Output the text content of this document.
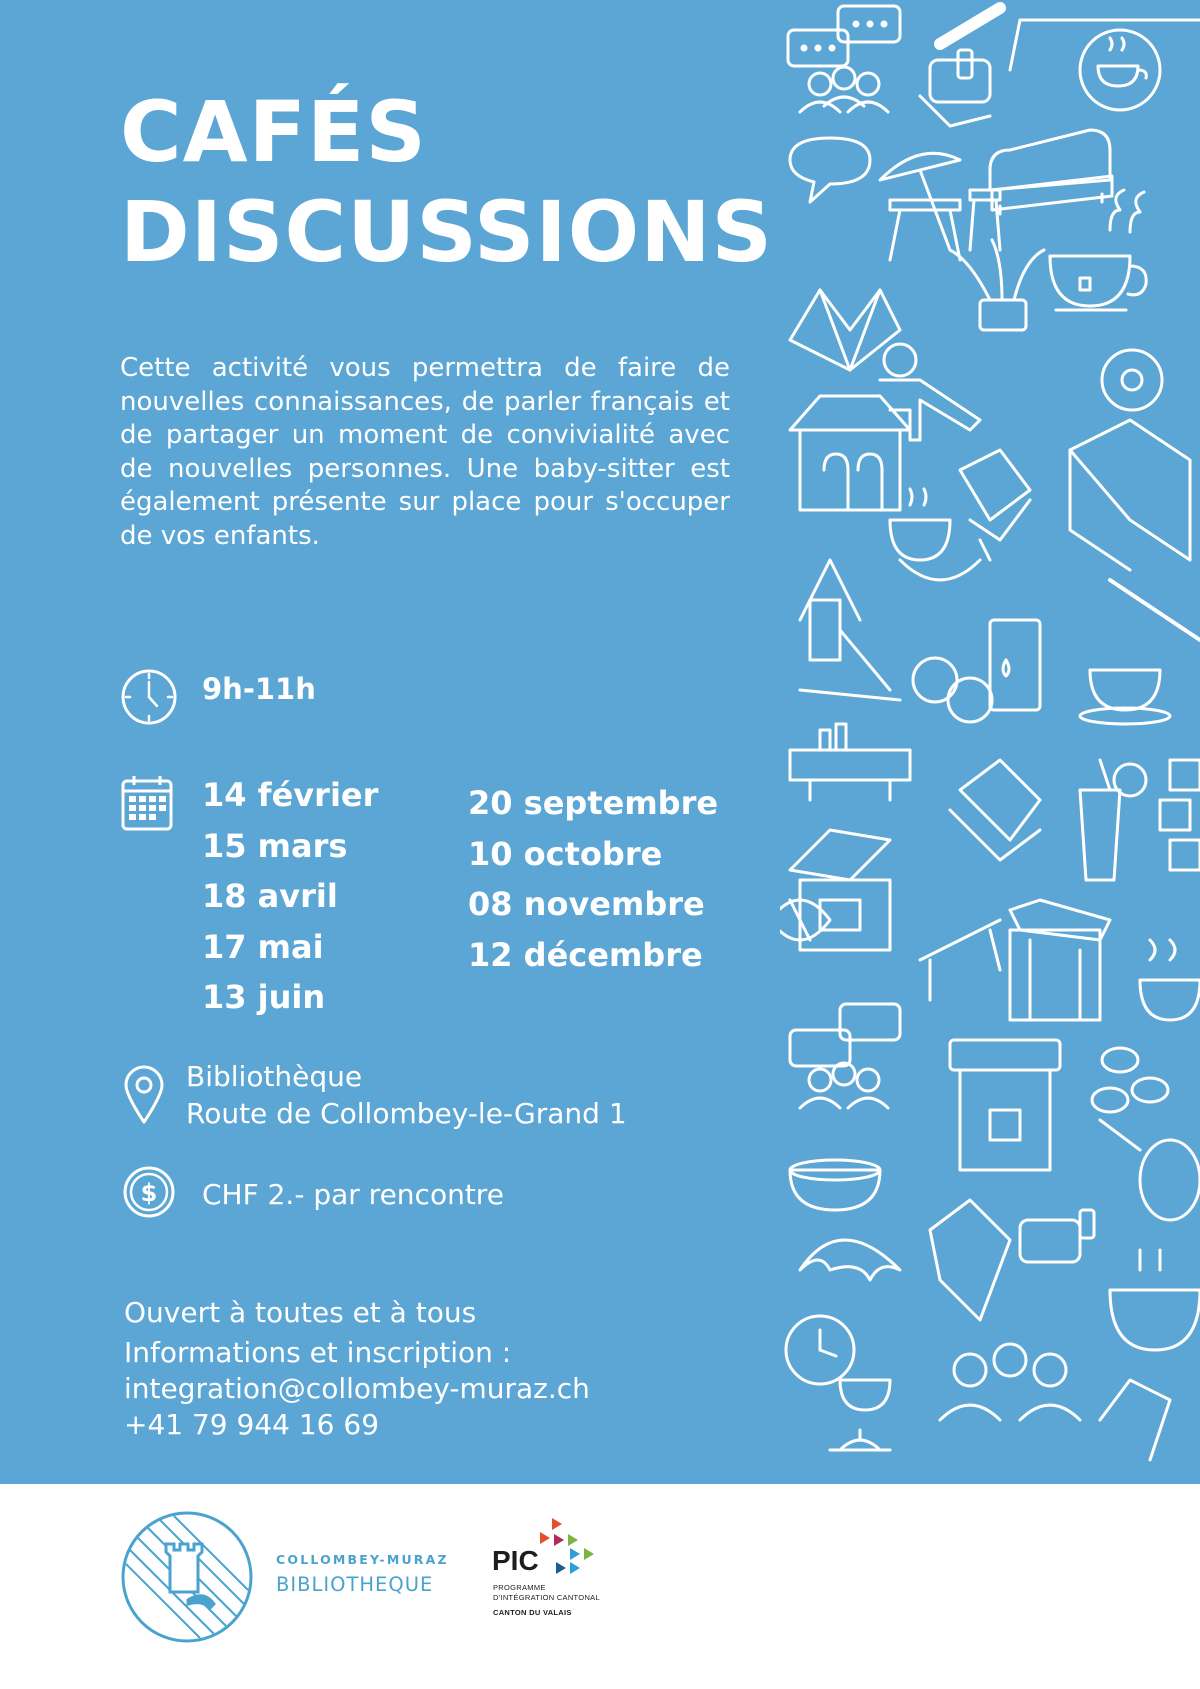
CAFÉS
DISCUSSIONS

Cette activité vous permettra de faire de nouvelles connaissances, de parler français et de partager un moment de convivialité avec de nouvelles personnes. Une baby-sitter est également présente sur place pour s'occuper de vos enfants.

9h-11h
14 février
15 mars
18 avril
17 mai
13 juin
20 septembre
10 octobre
08 novembre
12 décembre
Bibliothèque
Route de Collombey-le-Grand 1
$ CHF 2.- par rencontre
Ouvert à toutes et à tous
Informations et inscription :
integration@collombey-muraz.ch
+41 79 944 16 69
COLLOMBEY-MURAZ
BIBLIOTHEQUE
PIC
PROGRAMME
D'INTÉGRATION CANTONAL
CANTON DU VALAIS
